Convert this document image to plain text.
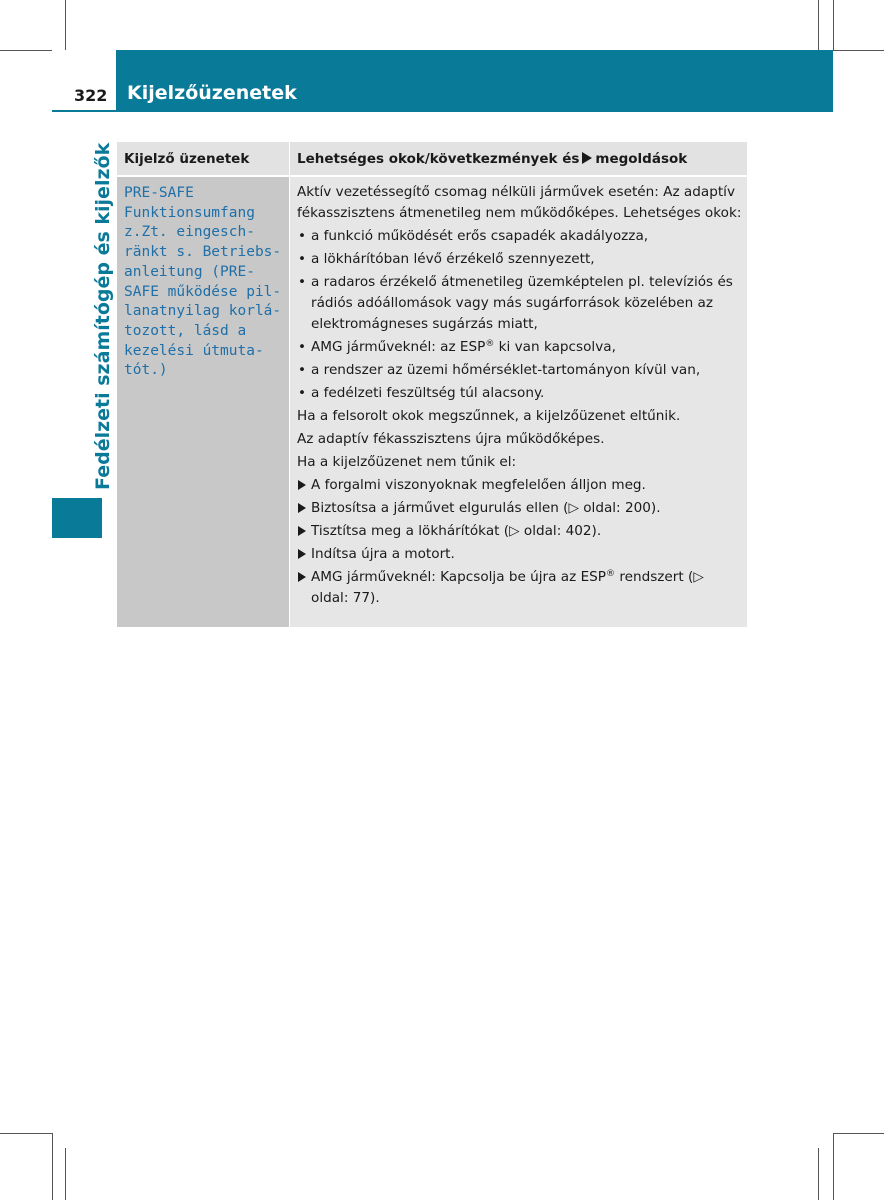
322 Kijelzőüzenetek
Fedélzeti számítógép és kijelzők Kijelző üzenetek	Lehetséges okok/következmények és megoldások
PRE-SAFE
Funktionsumfang
z.Zt. eingesch-
ränkt s. Betriebs-
anleitung (PRE-
SAFE működése pil-
lanatnyilag korlá-
tozott, lásd a
kezelési útmuta-
tót.)
Aktív vezetéssegítő csomag nélküli járművek esetén: Az adaptív fékasszisztens átmenetileg nem működőképes. Lehetséges okok:
• a funkció működését erős csapadék akadályozza,
• a lökhárítóban lévő érzékelő szennyezett,
• a radaros érzékelő átmenetileg üzemképtelen pl. televíziós és rádiós adóállomások vagy más sugárforrások közelében az elektromágneses sugárzás miatt,
• AMG járműveknél: az ESP® ki van kapcsolva,
• a rendszer az üzemi hőmérséklet-tartományon kívül van,
• a fedélzeti feszültség túl alacsony.
Ha a felsorolt okok megszűnnek, a kijelzőüzenet eltűnik.
Az adaptív fékasszisztens újra működőképes.
Ha a kijelzőüzenet nem tűnik el:
A forgalmi viszonyoknak megfelelően álljon meg.
Biztosítsa a járművet elgurulás ellen (▷ oldal: 200).
Tisztítsa meg a lökhárítókat (▷ oldal: 402).
Indítsa újra a motort.
AMG járműveknél: Kapcsolja be újra az ESP® rendszert (▷ oldal: 77).
